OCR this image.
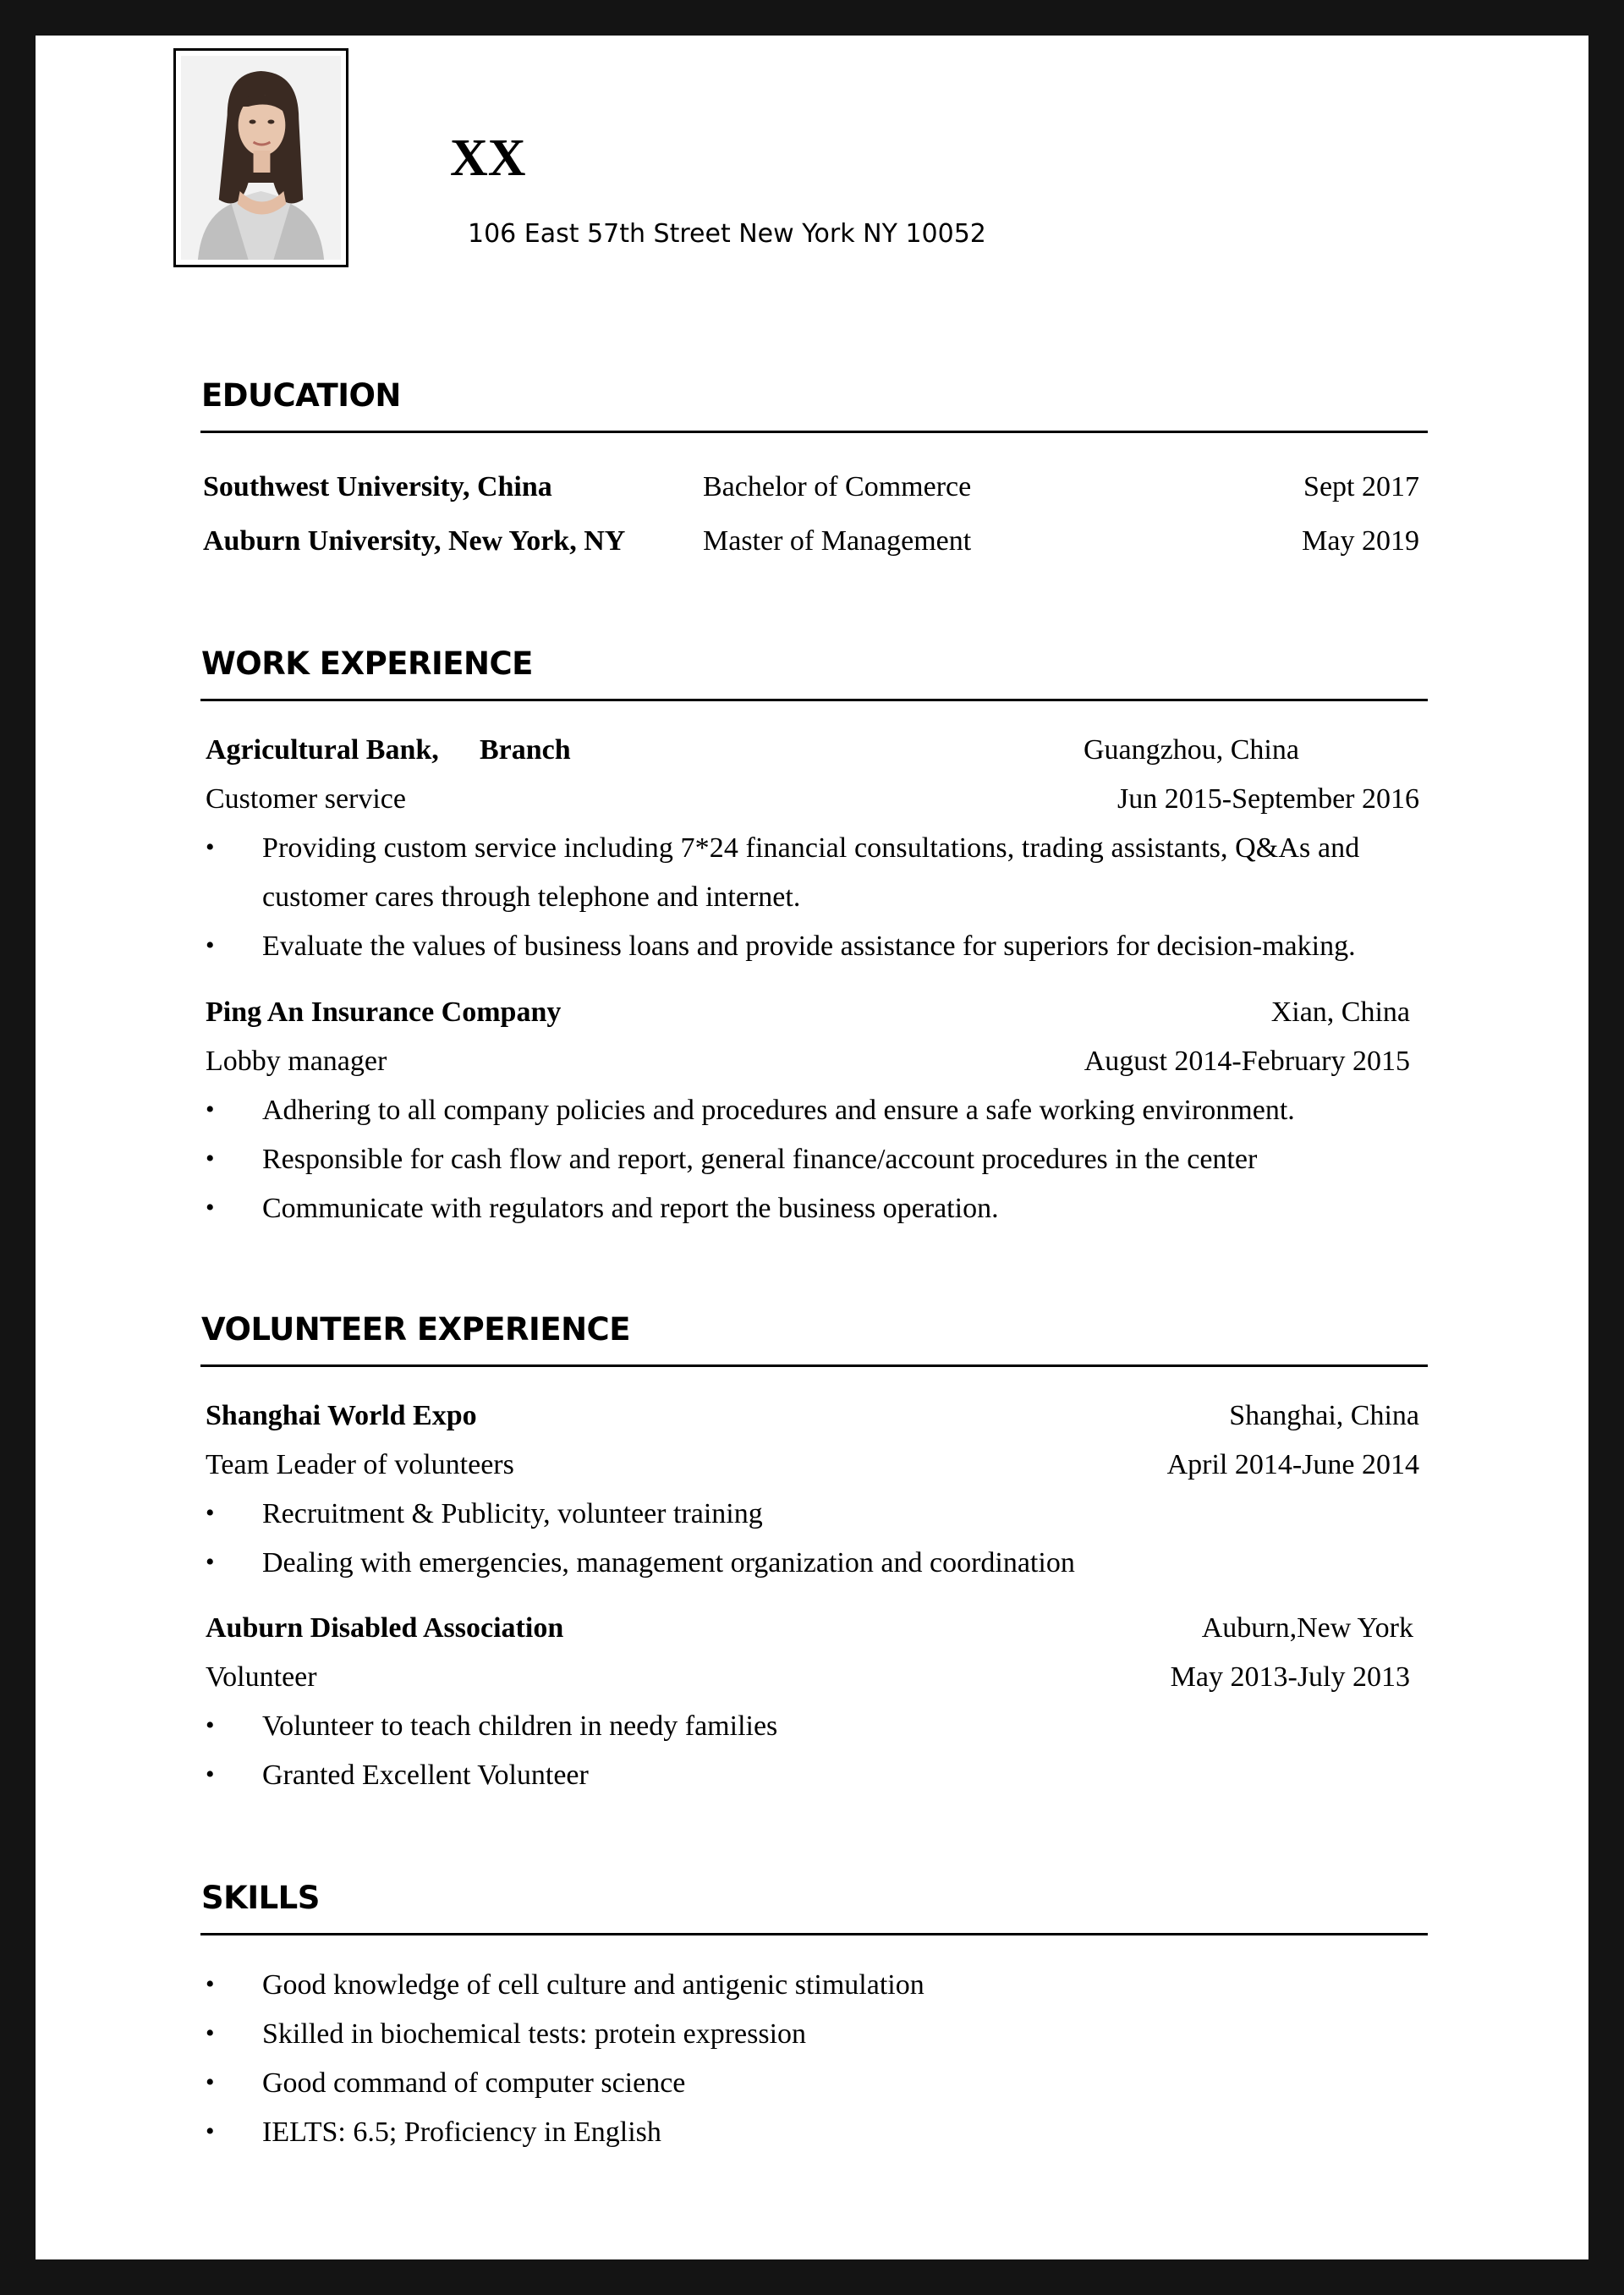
XX
106 East 57th Street New York NY 10052
EDUCATION
Southwest University, China	Bachelor of Commerce	Sept 2017
Auburn University, New York, NY	Master of Management	May 2019
WORK EXPERIENCE
Agricultural Bank, Branch	Guangzhou, China
Customer service	Jun 2015-September 2016
• Providing custom service including 7*24 financial consultations, trading assistants, Q&As and
customer cares through telephone and internet.
• Evaluate the values of business loans and provide assistance for superiors for decision-making.
Ping An Insurance Company	Xian, China
Lobby manager	August 2014-February 2015
• Adhering to all company policies and procedures and ensure a safe working environment.
• Responsible for cash flow and report, general finance/account procedures in the center
• Communicate with regulators and report the business operation.
VOLUNTEER EXPERIENCE
Shanghai World Expo	Shanghai, China
Team Leader of volunteers	April 2014-June 2014
• Recruitment & Publicity, volunteer training
• Dealing with emergencies, management organization and coordination
Auburn Disabled Association	Auburn,New York
Volunteer	May 2013-July 2013
• Volunteer to teach children in needy families
• Granted Excellent Volunteer
SKILLS
• Good knowledge of cell culture and antigenic stimulation
• Skilled in biochemical tests: protein expression
• Good command of computer science
• IELTS: 6.5; Proficiency in English
